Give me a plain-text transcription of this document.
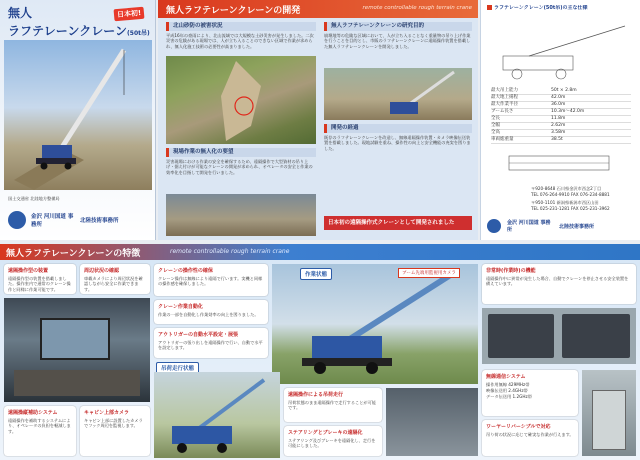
無人
ラフテレーンクレーン(50t吊)
日本初!
国土交通省 北陸地方整備局
金沢 河川国道 事務所
北陸技術事務所
無人ラフテレーンクレーンの開発	remote controllable rough terrain crane
北山砂防の被害状況
平成16年の豪雨により、北山流域では大規模な土砂災害が発生しました。二次災害の危険がある現場では、人が立ち入ることのできない区域で作業が求められ、無人化施工技術の必要性が高まりました。
現場作業の無人化の要望
災害現場における作業の安全を確保するため、遠隔操作で大型資材の吊り上げ・据え付けが可能なクレーンの開発が求められ、オペレータの安全と作業の効率化を目指して開発を行いました。
無人ラフテレーンクレーンの研究目的
崩壊地等の危険な区域において、人が立ち入ることなく重量物の吊り上げ作業を行うことを目的とし、市販のラフテレーンクレーンに遠隔操作装置を搭載した無人ラフテレーンクレーンを開発しました。
開発の経過
既存のラフテレーンクレーンを改造し、無線遠隔操作装置・カメラ映像伝送装置を搭載しました。現地試験を重ね、操作性の向上と安全機能の充実を図りました。
日本初の遠隔操作式クレーンとして開発されました
ラフテレーンクレーン(50t吊)の主な仕様
最大吊上能力	50t × 2.8m
最大地上揚程	42.0m
最大作業半径	36.0m
ブーム長さ	10.3m〜42.0m
全長	11.8m
全幅	2.62m
全高	3.58m
車両総重量	38.5t
〒920-8648 石川県金沢市西念2丁目
TEL 076-264-9910 FAX 076-234-8881
〒950-1101 新潟県新潟市西区山田
TEL 025-231-1281 FAX 025-231-3962
金沢 河川国道 事務所
北陸技術事務所
無人ラフテレーンクレーンの特徴	remote controllable rough terrain crane
遠隔操作型の装置
遠隔操作型の装置を搭載しました。操作室内で通常のクレーン操作と同様に作業可能です。
周辺状況の確認
車載カメラにより周辺状況を確認しながら安全に作業できます。
遠隔操縦補助システム
遠隔操作を補助するシステムにより、オペレータの負担を軽減します。
キャビン上部カメラ
キャビン上部に設置したカメラでフック周辺を監視します。
クレーンの操作性の確保
クレーン操作は無線により遠隔で行います。実機と同様の操作感を確保しました。
クレーン作業自動化
作業の一部を自動化し作業効率の向上を図りました。
アウトリガーの自動水平設定・展張
アウトリガーの張り出しを遠隔操作で行い、自動で水平を設定します。
作業状態	ブーム先端用監視用カメラ
吊荷走行状態
遠隔操作による吊荷走行
吊荷状態のまま遠隔操作で走行することが可能です。
ステアリングとブレーキの遠隔化
ステアリング及びブレーキを遠隔化し、走行を可能にしました。
非常時(作業時)の機能
遠隔操作中に異常が発生した場合、自動でクレーンを停止させる安全装置を備えています。
無線通信システム
操作用無線 429MHz帯
映像伝送用 2.4GHz帯
データ伝送用 1.2GHz帯
ワーヤーリバーシブルで対応
吊り荷の状況に応じて確実な作業が行えます。
